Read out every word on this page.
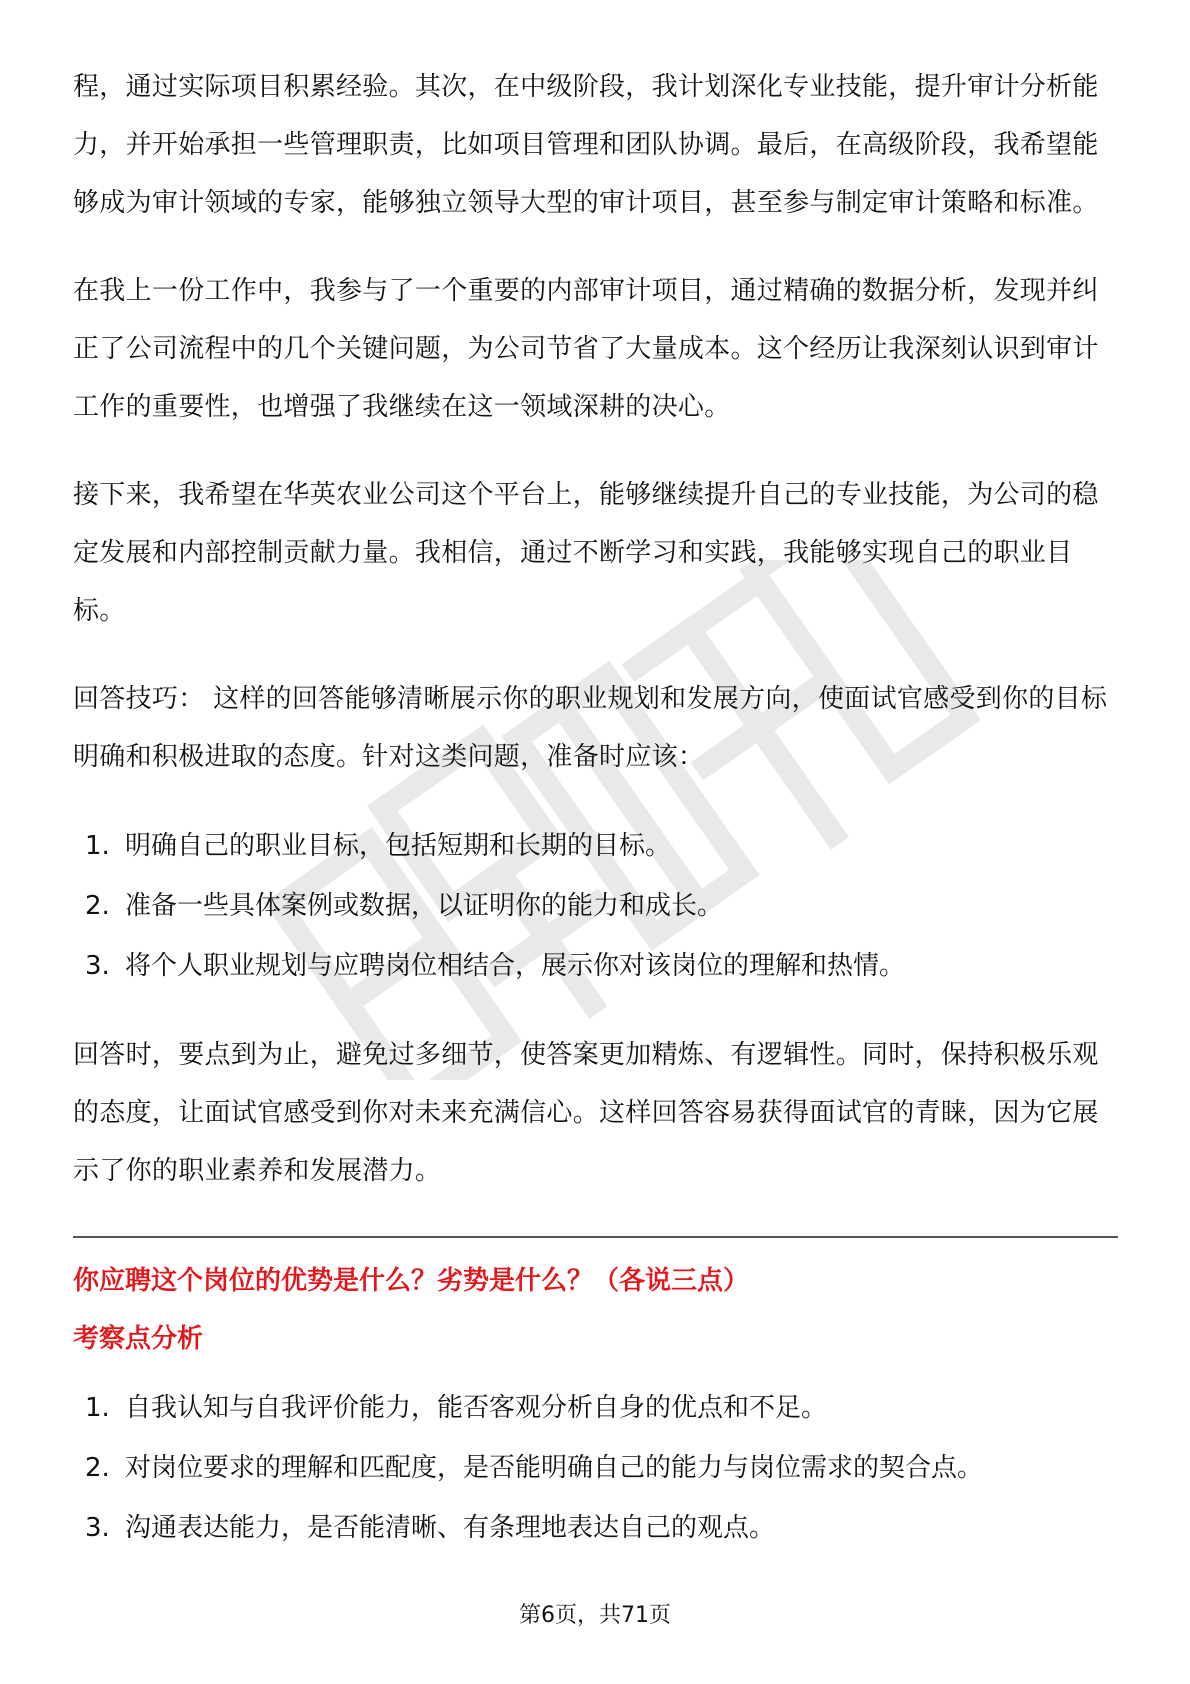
程，通过实际项目积累经验。其次，在中级阶段，我计划深化专业技能，提升审计分析能力，并开始承担一些管理职责，比如项目管理和团队协调。最后，在高级阶段，我希望能够成为审计领域的专家，能够独立领导大型的审计项目，甚至参与制定审计策略和标准。

在我上一份工作中，我参与了一个重要的内部审计项目，通过精确的数据分析，发现并纠正了公司流程中的几个关键问题，为公司节省了大量成本。这个经历让我深刻认识到审计工作的重要性，也增强了我继续在这一领域深耕的决心。

接下来，我希望在华英农业公司这个平台上，能够继续提升自己的专业技能，为公司的稳定发展和内部控制贡献力量。我相信，通过不断学习和实践，我能够实现自己的职业目标。

回答技巧： 这样的回答能够清晰展示你的职业规划和发展方向，使面试官感受到你的目标明确和积极进取的态度。针对这类问题，准备时应该：

1. 明确自己的职业目标，包括短期和长期的目标。
2. 准备一些具体案例或数据，以证明你的能力和成长。
3. 将个人职业规划与应聘岗位相结合，展示你对该岗位的理解和热情。

回答时，要点到为止，避免过多细节，使答案更加精炼、有逻辑性。同时，保持积极乐观的态度，让面试官感受到你对未来充满信心。这样回答容易获得面试官的青睐，因为它展示了你的职业素养和发展潜力。

你应聘这个岗位的优势是什么？劣势是什么？（各说三点）

考察点分析

1. 自我认知与自我评价能力，能否客观分析自身的优点和不足。
2. 对岗位要求的理解和匹配度，是否能明确自己的能力与岗位需求的契合点。
3. 沟通表达能力，是否能清晰、有条理地表达自己的观点。
第6页，共71页
